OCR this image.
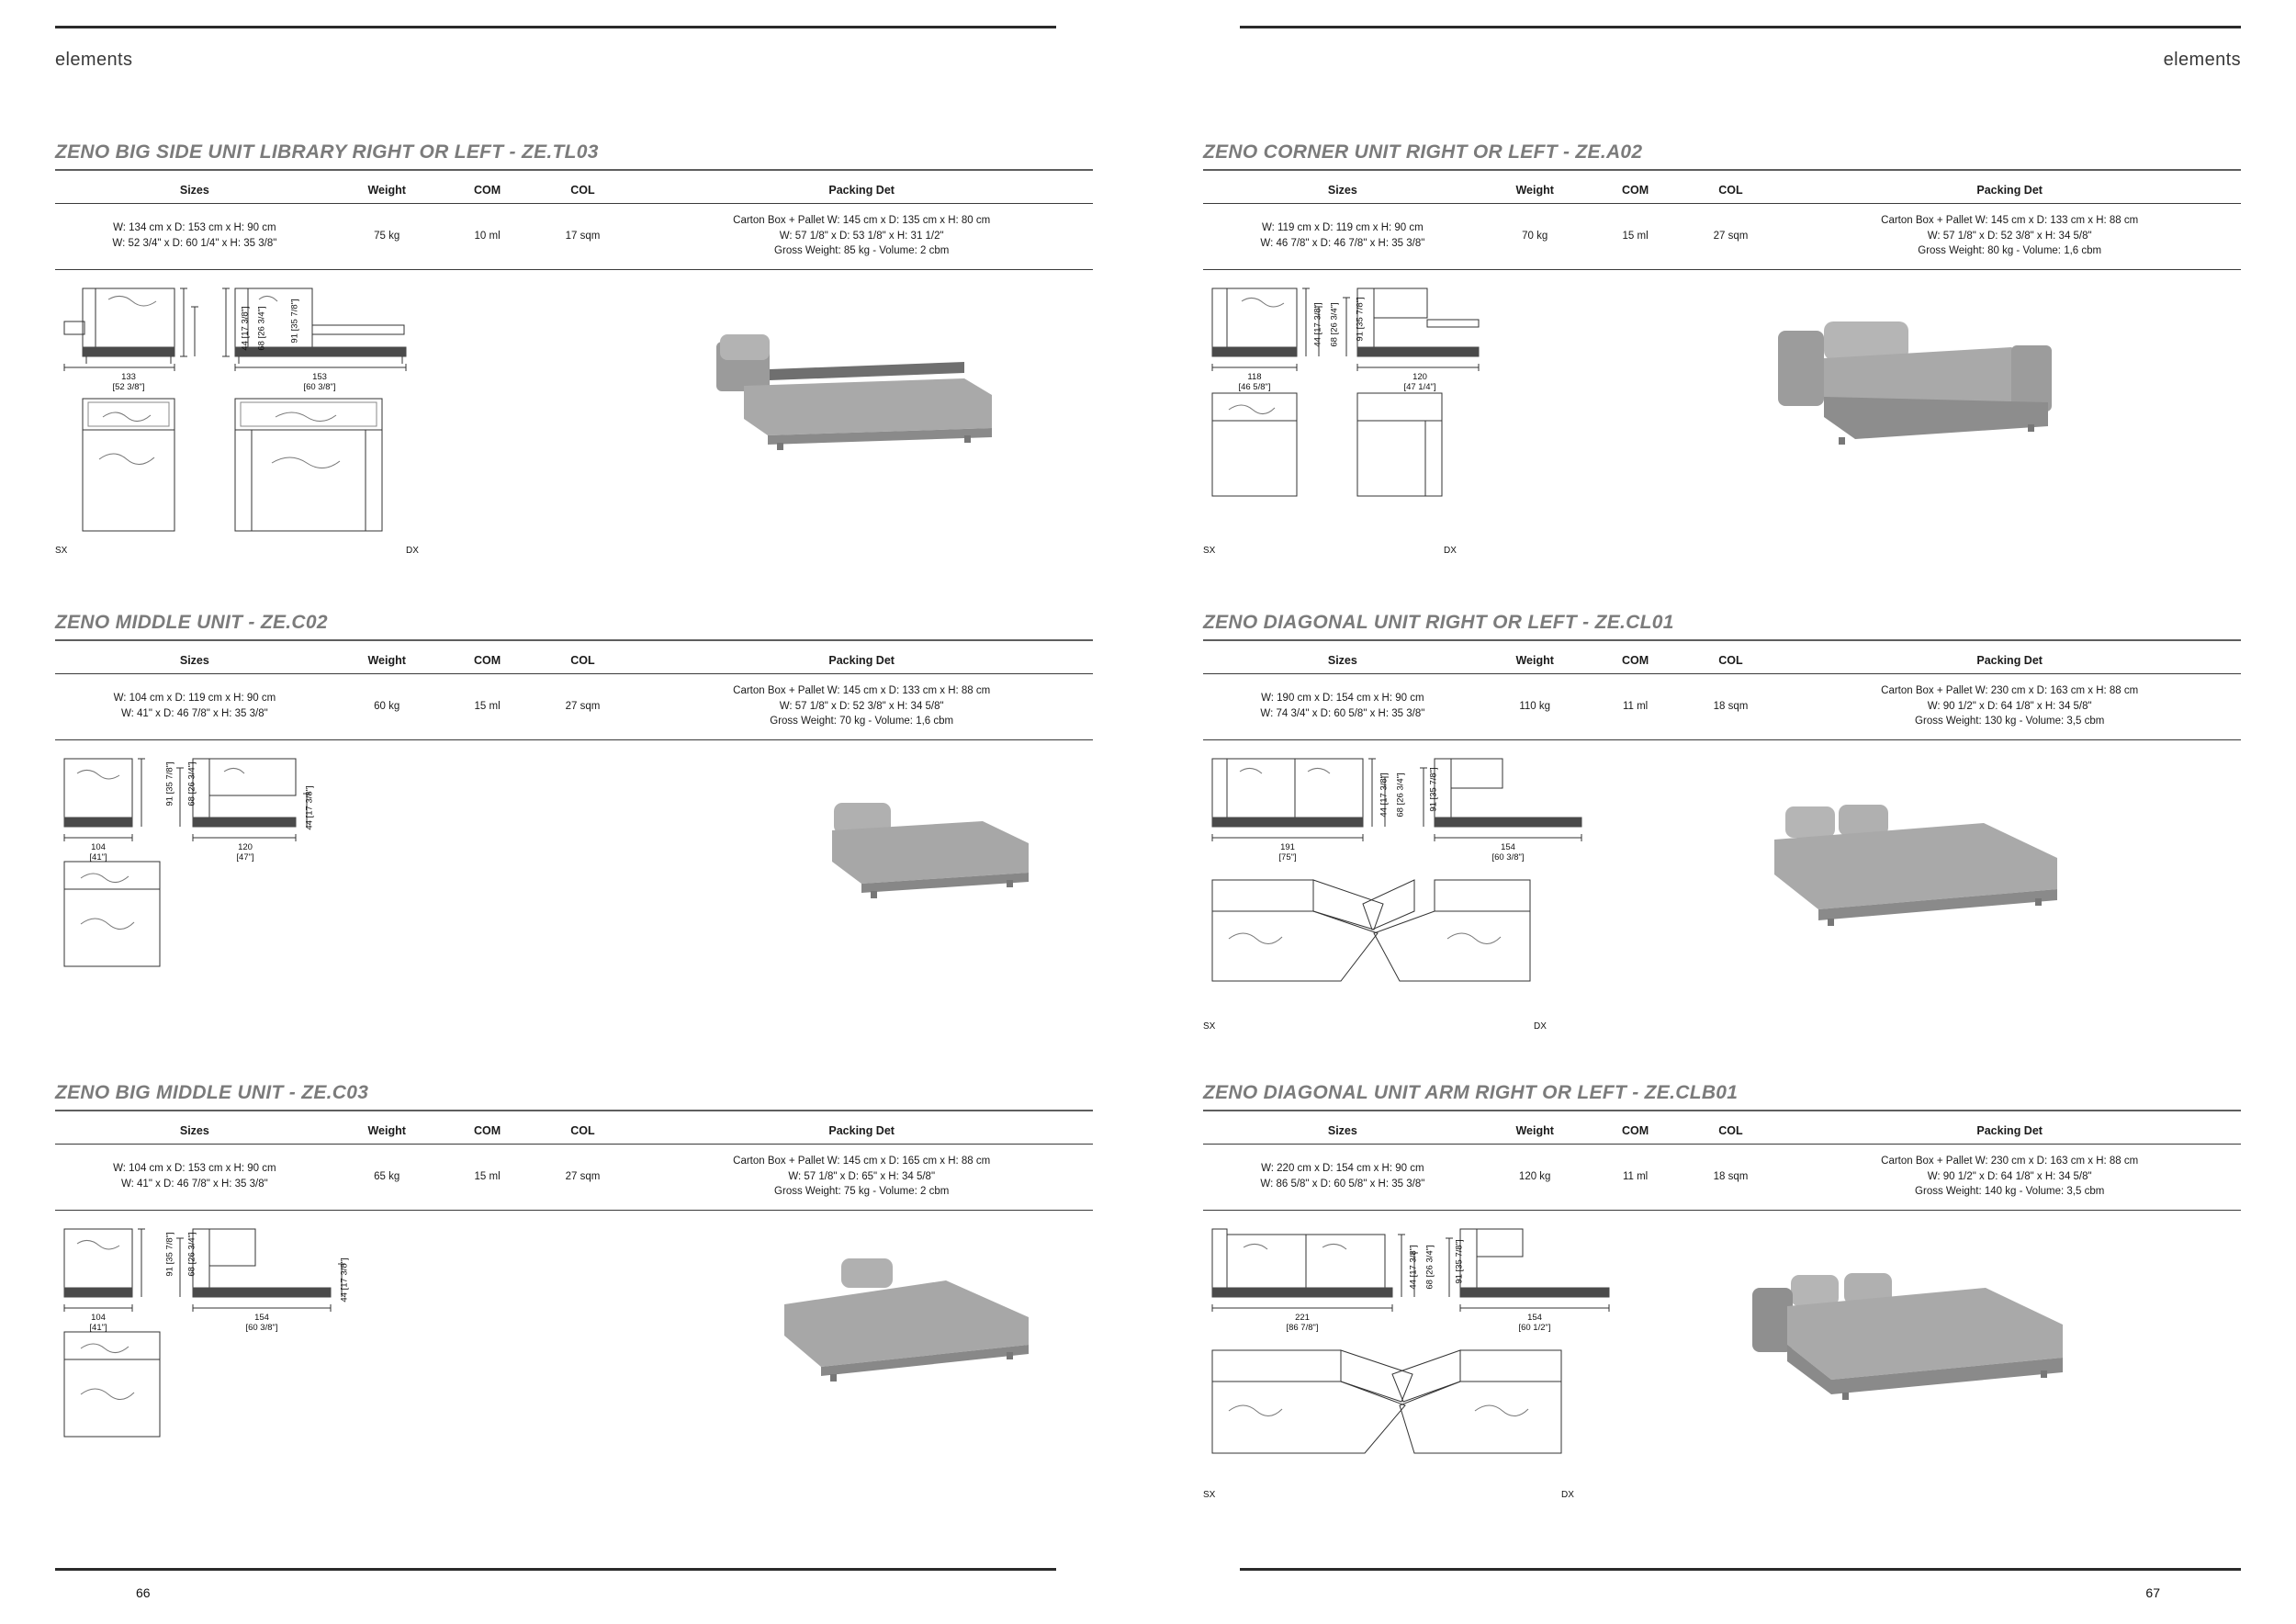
elements
ZENO BIG SIDE UNIT LIBRARY RIGHT OR LEFT - ZE.TL03
Sizes	Weight	COM	COL	Packing Det
W: 134 cm x D: 153 cm x H: 90 cm
W: 52 3/4" x D: 60 1/4" x H: 35 3/8"	75 kg	10 ml	17 sqm	Carton Box + Pallet W: 145 cm x D: 135 cm x H: 80 cm
W: 57 1/8" x D: 53 1/8" x H: 31 1/2"
Gross Weight: 85 kg - Volume: 2 cbm
133
[52 3/8"]
153
[60 3/8"]
44 [17 3/8"]
68 [26 3/4"]	91 [35 7/8"]
SX	DX
ZENO MIDDLE UNIT - ZE.C02
Sizes	Weight	COM	COL	Packing Det
W: 104 cm x D: 119 cm x H: 90 cm
W: 41" x D: 46 7/8" x H: 35 3/8"	60 kg	15 ml	27 sqm	Carton Box + Pallet W: 145 cm x D: 133 cm x H: 88 cm
W: 57 1/8" x D: 52 3/8" x H: 34 5/8"
Gross Weight: 70 kg - Volume: 1,6 cbm
104
[41"]
120
[47"]
91 [35 7/8"]
68 [26 3/4"]
44 [17 3/8"]
ZENO BIG MIDDLE UNIT - ZE.C03
Sizes	Weight	COM	COL	Packing Det
W: 104 cm x D: 153 cm x H: 90 cm
W: 41" x D: 46 7/8" x H: 35 3/8"	65 kg	15 ml	27 sqm	Carton Box + Pallet W: 145 cm x D: 165 cm x H: 88 cm
W: 57 1/8" x D: 65" x H: 34 5/8"
Gross Weight: 75 kg - Volume: 2 cbm
104
[41"]
154
[60 3/8"]
91 [35 7/8"]
68 [26 3/4"]
44 [17 3/8"]
66
elements
ZENO CORNER UNIT RIGHT OR LEFT - ZE.A02
Sizes	Weight	COM	COL	Packing Det
W: 119 cm x D: 119 cm x H: 90 cm
W: 46 7/8" x D: 46 7/8" x H: 35 3/8"	70 kg	15 ml	27 sqm	Carton Box + Pallet W: 145 cm x D: 133 cm x H: 88 cm
W: 57 1/8" x D: 52 3/8" x H: 34 5/8"
Gross Weight: 80 kg - Volume: 1,6 cbm
118
[46 5/8"]
120
[47 1/4"]
44 [17 3/8"]
68 [26 3/4"]
91 [35 7/8"]
SX	DX
ZENO DIAGONAL UNIT RIGHT OR LEFT - ZE.CL01
Sizes	Weight	COM	COL	Packing Det
W: 190 cm x D: 154 cm x H: 90 cm
W: 74 3/4" x D: 60 5/8" x H: 35 3/8"	110 kg	11 ml	18 sqm	Carton Box + Pallet W: 230 cm x D: 163 cm x H: 88 cm
W: 90 1/2" x D: 64 1/8" x H: 34 5/8"
Gross Weight: 130 kg - Volume: 3,5 cbm
191
[75"]
154
[60 3/8"]
44 [17 3/8"]
68 [26 3/4"]
91 [35 7/8"]
SX	DX
ZENO DIAGONAL UNIT ARM RIGHT OR LEFT - ZE.CLB01
Sizes	Weight	COM	COL	Packing Det
W: 220 cm x D: 154 cm x H: 90 cm
W: 86 5/8" x D: 60 5/8" x H: 35 3/8"	120 kg	11 ml	18 sqm	Carton Box + Pallet W: 230 cm x D: 163 cm x H: 88 cm
W: 90 1/2" x D: 64 1/8" x H: 34 5/8"
Gross Weight: 140 kg - Volume: 3,5 cbm
221
[86 7/8"]
154
[60 1/2"]
44 [17 3/8"]
68 [26 3/4"]
91 [35 7/8"]
SX	DX
67
